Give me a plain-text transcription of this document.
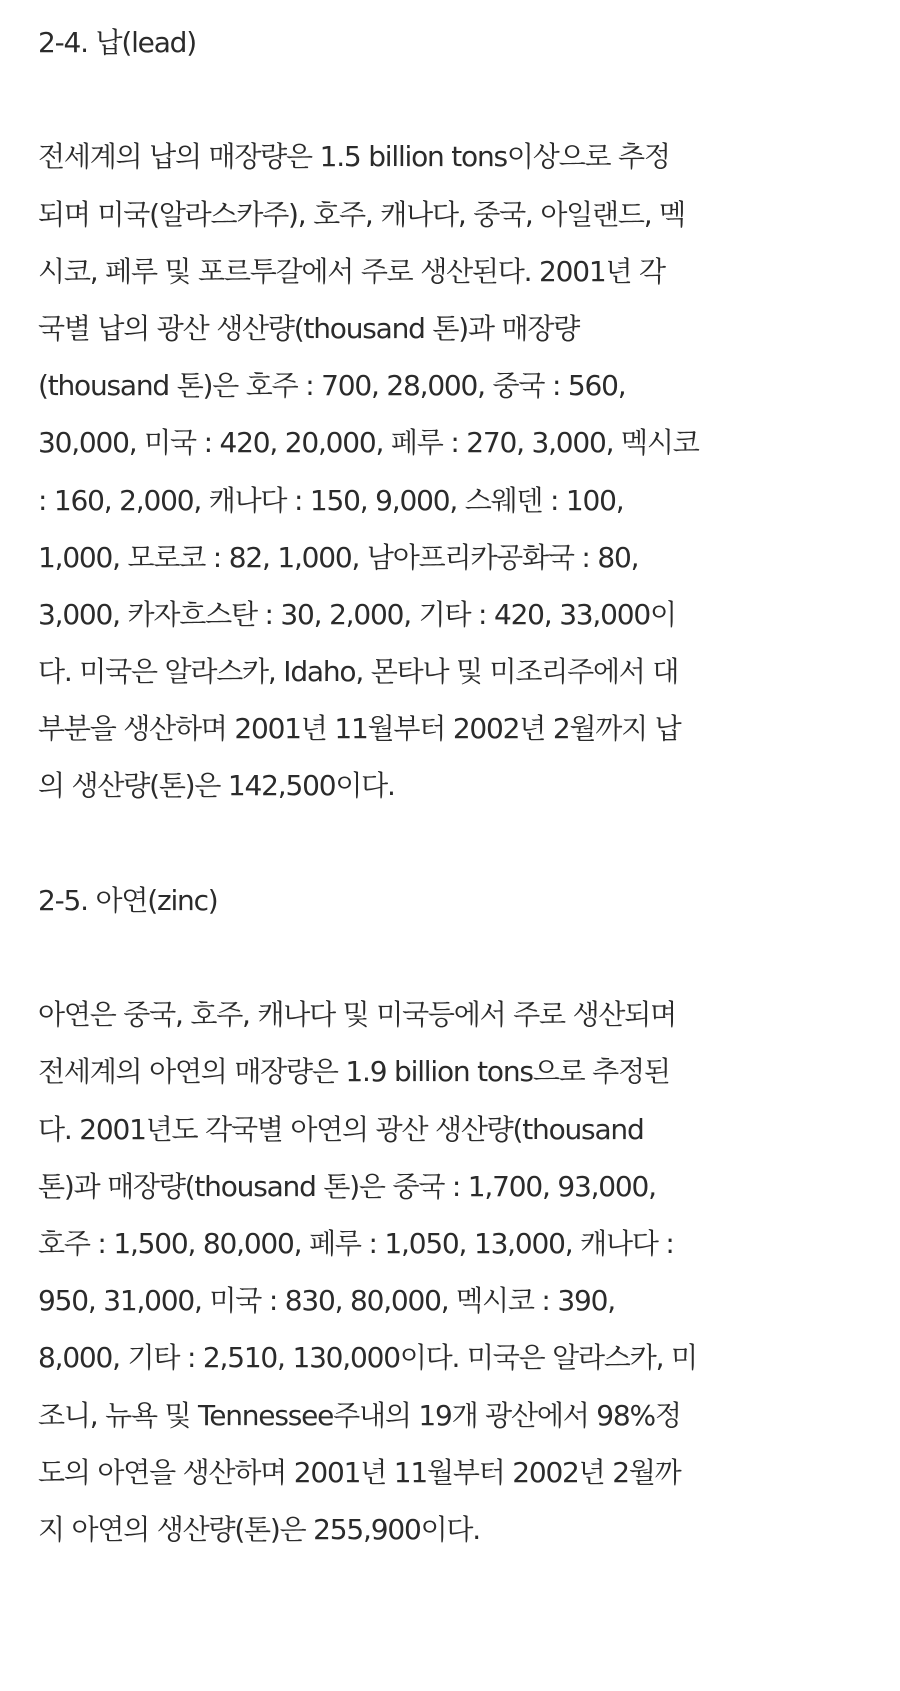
2-4. 납(lead)
전세계의 납의 매장량은 1.5 billion tons이상으로 추정
되며 미국(알라스카주), 호주, 캐나다, 중국, 아일랜드, 멕
시코, 페루 및 포르투갈에서 주로 생산된다. 2001년 각
국별 납의 광산 생산량(thousand 톤)과 매장량
(thousand 톤)은 호주 : 700, 28,000, 중국 : 560,
30,000, 미국 : 420, 20,000, 페루 : 270, 3,000, 멕시코
: 160, 2,000, 캐나다 : 150, 9,000, 스웨덴 : 100,
1,000, 모로코 : 82, 1,000, 남아프리카공화국 : 80,
3,000, 카자흐스탄 : 30, 2,000, 기타 : 420, 33,000이
다. 미국은 알라스카, Idaho, 몬타나 및 미조리주에서 대
부분을 생산하며 2001년 11월부터 2002년 2월까지 납
의 생산량(톤)은 142,500이다.
2-5. 아연(zinc)
아연은 중국, 호주, 캐나다 및 미국등에서 주로 생산되며
전세계의 아연의 매장량은 1.9 billion tons으로 추정된
다. 2001년도 각국별 아연의 광산 생산량(thousand
톤)과 매장량(thousand 톤)은 중국 : 1,700, 93,000,
호주 : 1,500, 80,000, 페루 : 1,050, 13,000, 캐나다 :
950, 31,000, 미국 : 830, 80,000, 멕시코 : 390,
8,000, 기타 : 2,510, 130,000이다. 미국은 알라스카, 미
조니, 뉴욕 및 Tennessee주내의 19개 광산에서 98%정
도의 아연을 생산하며 2001년 11월부터 2002년 2월까
지 아연의 생산량(톤)은 255,900이다.
